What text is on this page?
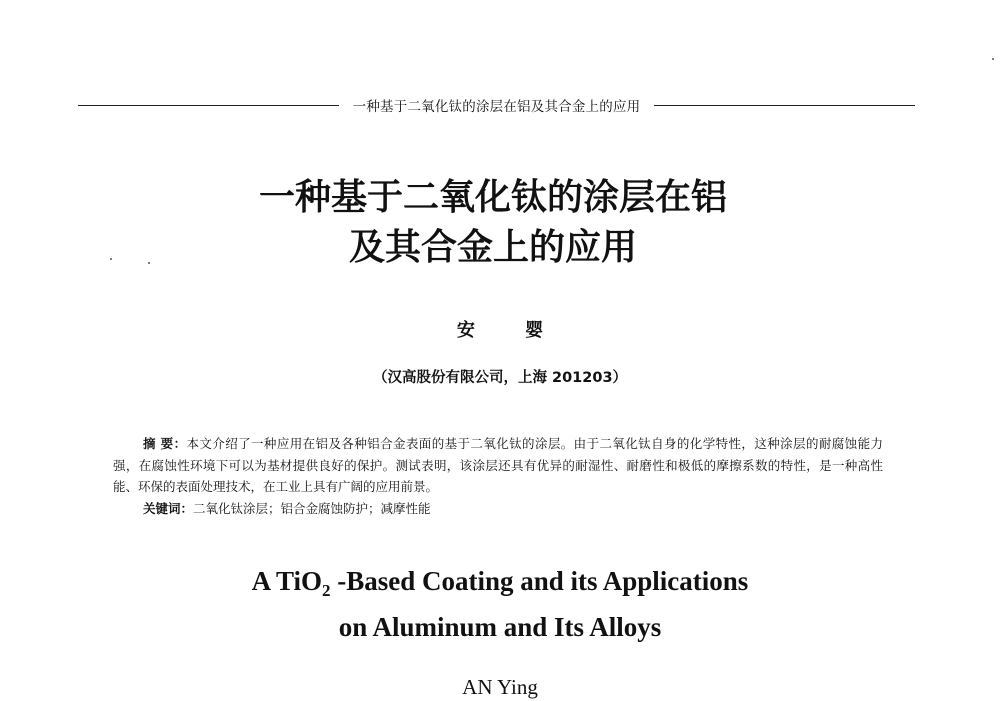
一种基于二氧化钛的涂层在铝及其合金上的应用
一种基于二氧化钛的涂层在铝
及其合金上的应用
安 婴
（汉高股份有限公司，上海 201203）

摘 要：本文介绍了一种应用在铝及各种铝合金表面的基于二氧化钛的涂层。由于二氧化钛自身的化学特性，这种涂层的耐腐蚀能力强，在腐蚀性环境下可以为基材提供良好的保护。测试表明，该涂层还具有优异的耐湿性、耐磨性和极低的摩擦系数的特性，是一种高性能、环保的表面处理技术，在工业上具有广阔的应用前景。

关键词：二氧化钛涂层；铝合金腐蚀防护；减摩性能

A TiO$_2$ -Based Coating and its Applications
on Aluminum and Its Alloys
AN Ying
